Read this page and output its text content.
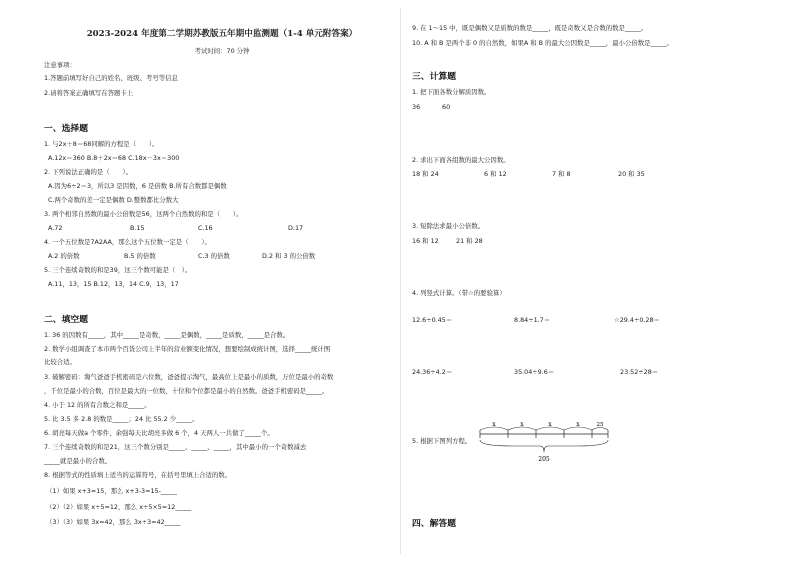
2023-2024 年度第二学期苏教版五年期中监测题（1-4 单元附答案）
考试时间：70 分钟
注意事项：
1.答题前填写好自己的姓名、班级、考号等信息
2.请将答案正确填写在答题卡上
一、选择题
1. 与2x＋8＝68同解的方程是（　　）。
A.12x＝360 B.8＋2x＝68 C.18x－3x＝300
2. 下列说法正确的是（　　）。
A.因为6÷2＝3，所以3 是因数，6 是倍数 B.所有合数都是偶数
C.两个奇数的差一定是偶数 D.整数都比分数大
3. 两个相邻自然数的最小公倍数是56，这两个自然数的和是（　　）。
A.72	B.15	C.16	D.17
4. 一个五位数是7A2AA，那么这个五位数一定是（　　）。
A.2 的倍数	B.5 的倍数	C.3 的倍数	D.2 和 3 的公倍数
5. 三个连续奇数的和是39，这三个数可能是（　）。
A.11，13，15 B.12，13，14 C.9，13，17
二、填空题
1. 36 的因数有_____，其中_____是奇数，_____是偶数，_____是质数，_____是合数。
2. 数学小组调查了本市两个百货公司上半年的营业额变化情况，想要绘制成统计图，选择_____统计图
比较合适。
3. 破解密码：淘气爸爸手机密码是六位数，爸爸提示淘气，最高位上是最小的质数，万位是最小的奇数
，千位是最小的合数，百位是最大的一位数，十位和个位都是最小的自然数。爸爸手机密码是_____。
4. 小于 12 的所有合数之和是_____。
5. 比 3.5 多 2.8 的数是_____；24 比 55.2 少_____。
6. 胡亮每天做a 个零件，余强每天比胡亮多做 6 个，4 天两人一共做了_____个。
7. 三个连续奇数的和是21，这三个数分别是_____、_____、_____，其中最小的一个奇数减去
_____就是最小的合数。
8. 根据等式的性质填上适当的运算符号，在括号里填上合适的数。
（1）如果 x+3=15，那么 x+3-3=15-_____
（2）（2）如果 x÷5=12，那么 x÷5×5=12_____
（3）（3）如果 3x=42，那么 3x÷3=42_____
9. 在 1～15 中，既是偶数又是质数的数是_____，既是奇数又是合数的数是_____。
10. A 和 B 是两个非 0 的自然数，如果A 和 B 的最大公因数是_____，最小公倍数是_____。
三、计算题
1. 把下面各数分解质因数。
36	60
2. 求出下面各组数的最大公因数。
18 和 24	6 和 12	7 和 8	20 和 35
3. 短除法求最小公倍数。
16 和 12	21 和 28
4. 列竖式计算。（带☆的要验算）
12.6÷0.45＝	8.84÷1.7＝	☆29.4÷0.28＝
24.36÷4.2＝	35.04÷9.6＝	23.52÷28＝
5. 根据下图列方程。
四、解答题
x	x	x	x	25
205
